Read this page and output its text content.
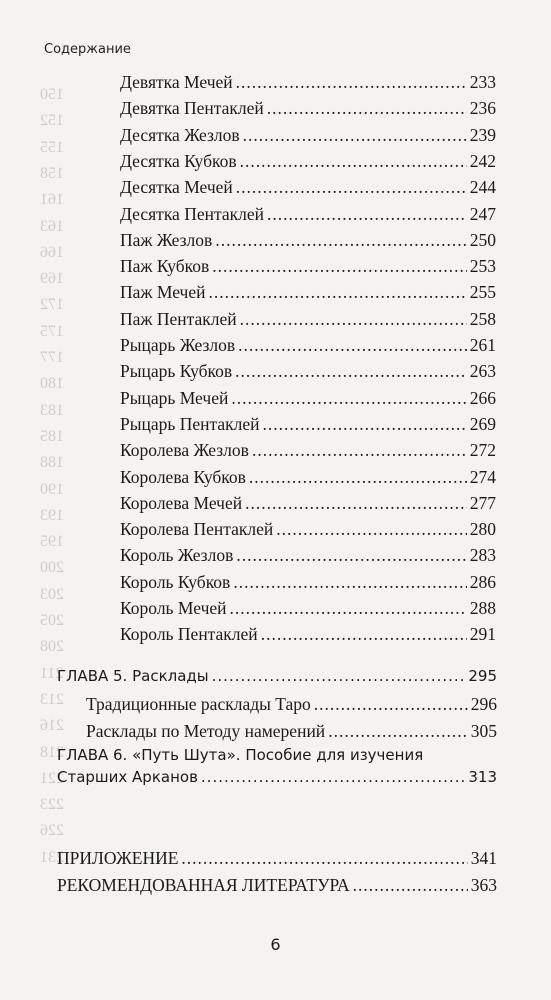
150
152
155
158
161
163
166
169
172
175
177
180
183
185
188
190
193
195
200
203
205
208
211
213
216
218
221
223
226
231
Содержание
Девятка Мечей .....	233
Девятка Пентаклей .....	236
Десятка Жезлов .....	239
Десятка Кубков .....	242
Десятка Мечей .....	244
Десятка Пентаклей .....	247
Паж Жезлов .....	250
Паж Кубков .....	253
Паж Мечей .....	255
Паж Пентаклей .....	258
Рыцарь Жезлов .....	261
Рыцарь Кубков .....	263
Рыцарь Мечей .....	266
Рыцарь Пентаклей .....	269
Королева Жезлов .....	272
Королева Кубков .....	274
Королева Мечей .....	277
Королева Пентаклей .....	280
Король Жезлов .....	283
Король Кубков .....	286
Король Мечей .....	288
Король Пентаклей .....	291
ГЛАВА 5. Расклады .....	295
Традиционные расклады Таро .....	296
Расклады по Методу намерений .....	305
ГЛАВА 6. «Путь Шута». Пособие для изучения
Старших Арканов .....	313
ПРИЛОЖЕНИЕ .....	341
РЕКОМЕНДОВАННАЯ ЛИТЕРАТУРА .....	363
6
